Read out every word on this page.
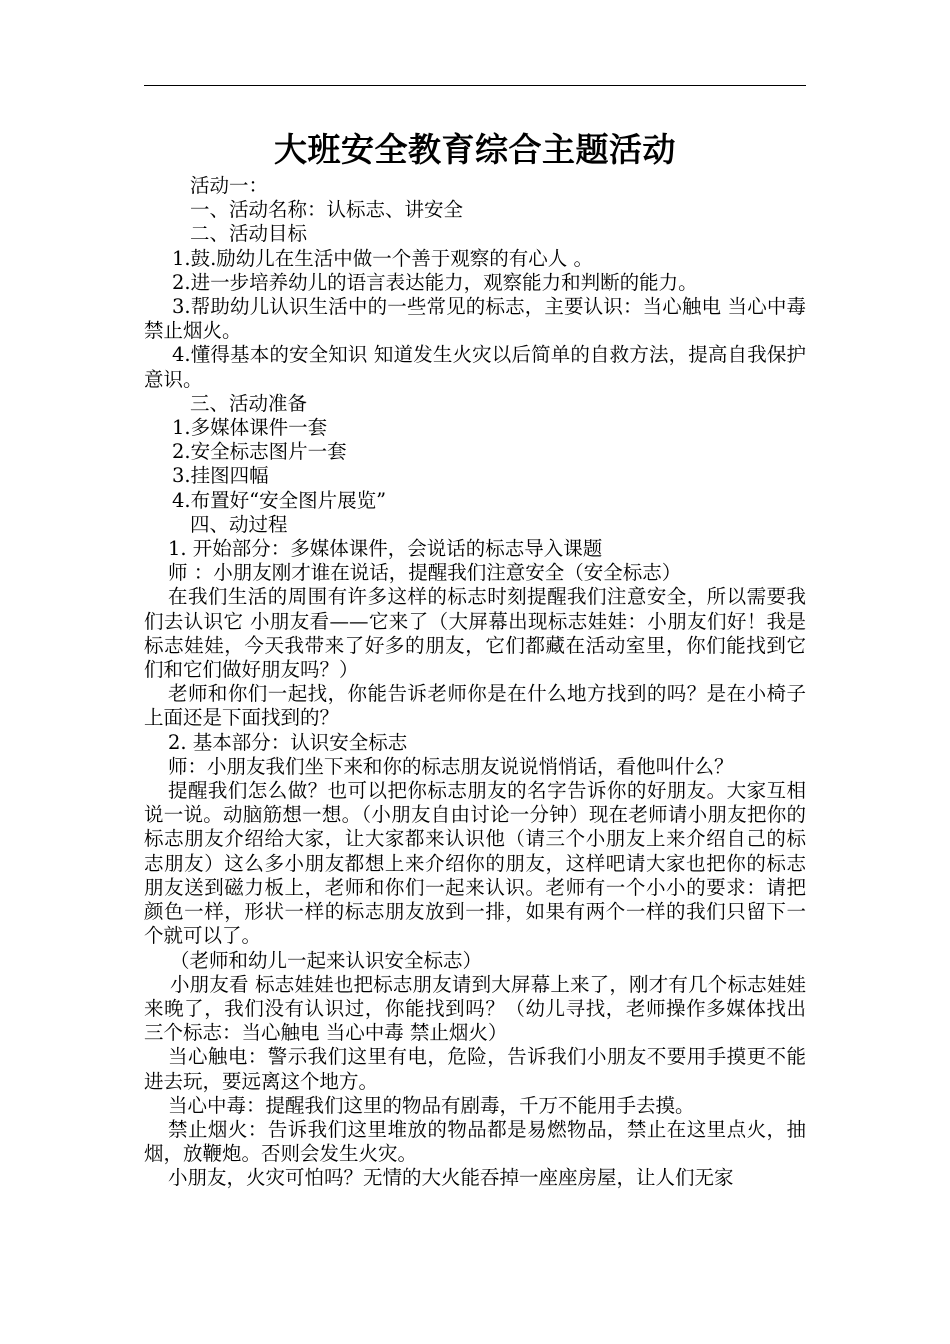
大班安全教育综合主题活动

活动一：

一、活动名称：认标志、讲安全

二、活动目标

1.鼓.励幼儿在生活中做一个善于观察的有心人 。

2.进一步培养幼儿的语言表达能力，观察能力和判断的能力。

3.帮助幼儿认识生活中的一些常见的标志，主要认识：当心触电 当心中毒 禁止烟火。

4.懂得基本的安全知识 知道发生火灾以后简单的自救方法，提高自我保护意识。

三、活动准备

1.多媒体课件一套

2.安全标志图片一套

3.挂图四幅

4.布置好“安全图片展览”

四、动过程

1. 开始部分：多媒体课件，会说话的标志导入课题

师 ：小朋友刚才谁在说话，提醒我们注意安全（安全标志）

在我们生活的周围有许多这样的标志时刻提醒我们注意安全，所以需要我们去认识它 小朋友看——它来了（大屏幕出现标志娃娃：小朋友们好！我是标志娃娃，今天我带来了好多的朋友，它们都藏在活动室里，你们能找到它们和它们做好朋友吗？）

老师和你们一起找，你能告诉老师你是在什么地方找到的吗？是在小椅子上面还是下面找到的？

2. 基本部分：认识安全标志

师：小朋友我们坐下来和你的标志朋友说说悄悄话，看他叫什么？

提醒我们怎么做？也可以把你标志朋友的名字告诉你的好朋友。大家互相说一说。动脑筋想一想。（小朋友自由讨论一分钟）现在老师请小朋友把你的标志朋友介绍给大家，让大家都来认识他（请三个小朋友上来介绍自己的标志朋友）这么多小朋友都想上来介绍你的朋友，这样吧请大家也把你的标志朋友送到磁力板上，老师和你们一起来认识。老师有一个小小的要求：请把颜色一样，形状一样的标志朋友放到一排，如果有两个一样的我们只留下一个就可以了。

（老师和幼儿一起来认识安全标志）

小朋友看 标志娃娃也把标志朋友请到大屏幕上来了，刚才有几个标志娃娃来晚了，我们没有认识过，你能找到吗？（幼儿寻找，老师操作多媒体找出三个标志：当心触电 当心中毒 禁止烟火）

当心触电：警示我们这里有电，危险，告诉我们小朋友不要用手摸更不能进去玩，要远离这个地方。

当心中毒：提醒我们这里的物品有剧毒，千万不能用手去摸。

禁止烟火：告诉我们这里堆放的物品都是易燃物品，禁止在这里点火，抽烟，放鞭炮。否则会发生火灾。

小朋友，火灾可怕吗？无情的大火能吞掉一座座房屋，让人们无家
